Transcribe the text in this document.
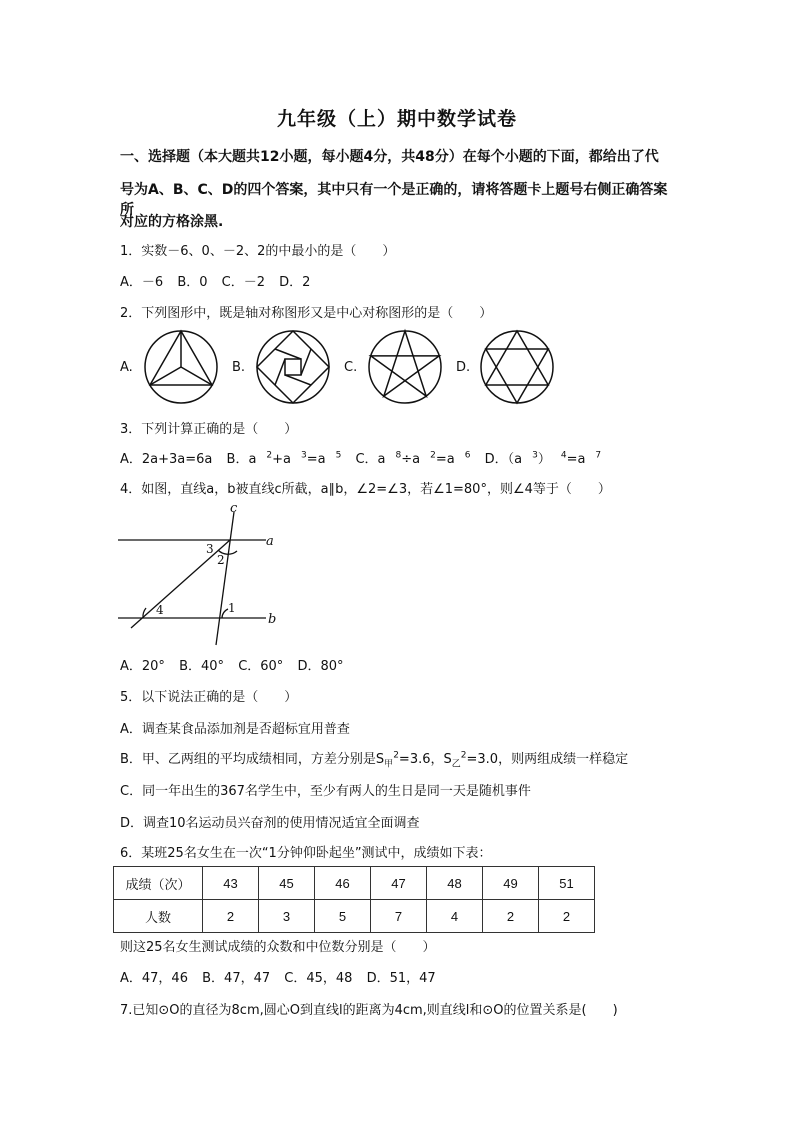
九年级（上）期中数学试卷
一、选择题（本大题共12小题，每小题4分，共48分）在每个小题的下面，都给出了代
号为A、B、C、D的四个答案，其中只有一个是正确的，请将答题卡上题号右侧正确答案所
对应的方格涂黑.
1．实数－6、0、－2、2的中最小的是（　　）
A．－6 B．0 C．－2 D．2
2．下列图形中，既是轴对称图形又是中心对称图形的是（　　）
A.	B.	C.	D.
3．下列计算正确的是（　　）
A．2a+3a=6a B．a $^2$+a $^3$=a $^5$ C．a $^8$÷a $^2$=a $^6$ D．（a $^3$） $^4$=a $^7$
4．如图，直线a，b被直线c所截，a∥b，∠2=∠3，若∠1=80°，则∠4等于（　　）
c
a
b
1
2
3
4
A．20° B．40° C．60° D．80°
5．以下说法正确的是（　　）
A．调查某食品添加剂是否超标宜用普查
B．甲、乙两组的平均成绩相同，方差分别是$S_甲^2=3.6$，$S_乙^2=3.0$，则两组成绩一样稳定
C．同一年出生的367名学生中，至少有两人的生日是同一天是随机事件
D．调查10名运动员兴奋剂的使用情况适宜全面调查
6．某班25名女生在一次“1分钟仰卧起坐”测试中，成绩如下表：
成绩（次）	43	45	46	47	48	49	51
人数	2	3	5	7	4	2	2
则这25名女生测试成绩的众数和中位数分别是（　　）
A．47，46 B．47，47 C．45，48 D．51，47
7.已知⊙O的直径为8cm,圆心O到直线l的距离为4cm,则直线l和⊙O的位置关系是(　　)
